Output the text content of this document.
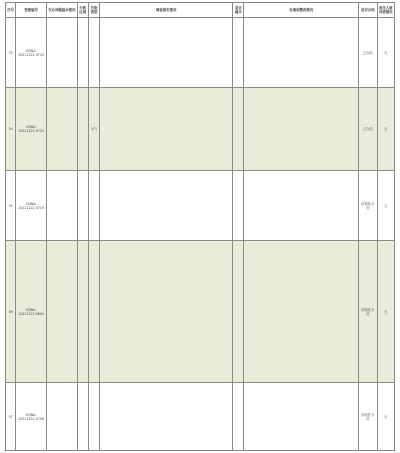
序号	受理编号	交办问题基本情况	行政区域	污染类型	调查核实情况	是否属实	处理和整改情况	是否办结	责任人被问责情况
33	X3JNA-20211222-0734							已办结	无
34	X3JNA-20211222-0724			大气				已办结	无
35	X3JNA-20211222-0719							阶段性办结	无
36	X3JNA-20211222-0694							阶段性办结	无
37	X3JNA-20211222-0706							阶段性办结	无
